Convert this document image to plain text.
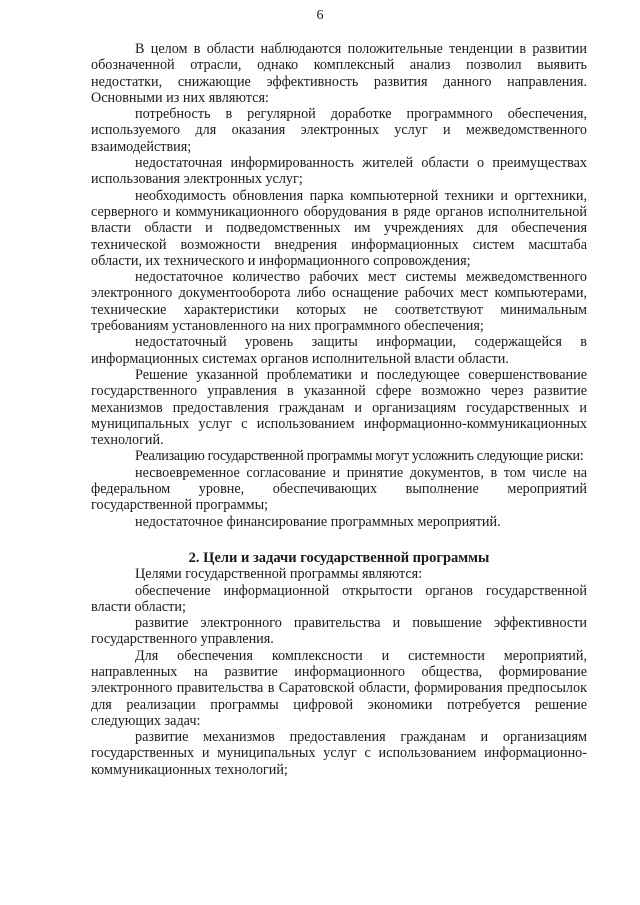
6

В целом в области наблюдаются положительные тенденции в развитии обозначенной отрасли, однако комплексный анализ позволил выявить недостатки, снижающие эффективность развития данного направления. Основными из них являются:

потребность в регулярной доработке программного обеспечения, используемого для оказания электронных услуг и межведомственного взаимодействия;

недостаточная информированность жителей области о преимуществах использования электронных услуг;

необходимость обновления парка компьютерной техники и оргтехники, серверного и коммуникационного оборудования в ряде органов исполнительной власти области и подведомственных им учреждениях для обеспечения технической возможности внедрения информационных систем масштаба области, их технического и информационного сопровождения;

недостаточное количество рабочих мест системы межведомственного электронного документооборота либо оснащение рабочих мест компьютерами, технические характеристики которых не соответствуют минимальным требованиям установленного на них программного обеспечения;

недостаточный уровень защиты информации, содержащейся в информационных системах органов исполнительной власти области.

Решение указанной проблематики и последующее совершенствование государственного управления в указанной сфере возможно через развитие механизмов предоставления гражданам и организациям государственных и муниципальных услуг с использованием информационно-коммуникационных технологий.

Реализацию государственной программы могут усложнить следующие риски:

несвоевременное согласование и принятие документов, в том числе на федеральном уровне, обеспечивающих выполнение мероприятий государственной программы;

недостаточное финансирование программных мероприятий.

2. Цели и задачи государственной программы

Целями государственной программы являются:

обеспечение информационной открытости органов государственной власти области;

развитие электронного правительства и повышение эффективности государственного управления.

Для обеспечения комплексности и системности мероприятий, направленных на развитие информационного общества, формирование электронного правительства в Саратовской области, формирования предпосылок для реализации программы цифровой экономики потребуется решение следующих задач:

развитие механизмов предоставления гражданам и организациям государственных и муниципальных услуг с использованием информационно-коммуникационных технологий;
